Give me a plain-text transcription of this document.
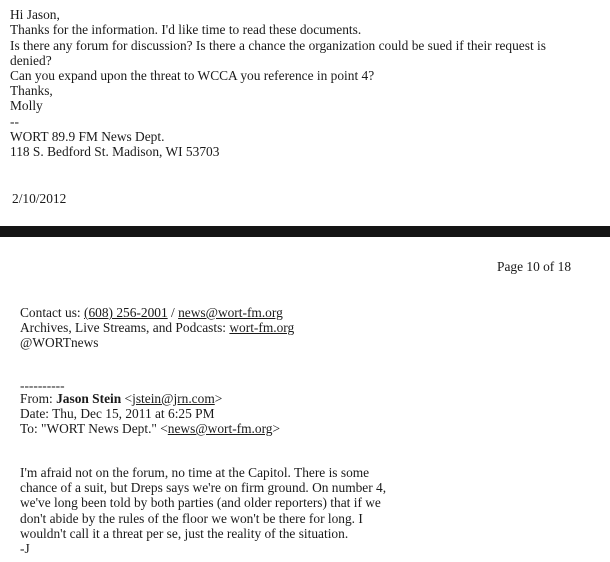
Hi Jason,
Thanks for the information. I'd like time to read these documents.
Is there any forum for discussion? Is there a chance the organization could be sued if their request is
denied?
Can you expand upon the threat to WCCA you reference in point 4?
Thanks,
Molly
--
WORT 89.9 FM News Dept.
118 S. Bedford St. Madison, WI 53703
2/10/2012
Page 10 of 18
Contact us: (608) 256-2001 / news@wort-fm.org
Archives, Live Streams, and Podcasts: wort-fm.org
@WORTnews
----------
From: Jason Stein <jstein@jrn.com>
Date: Thu, Dec 15, 2011 at 6:25 PM
To: "WORT News Dept." <news@wort-fm.org>
I'm afraid not on the forum, no time at the Capitol. There is some
chance of a suit, but Dreps says we're on firm ground. On number 4,
we've long been told by both parties (and older reporters) that if we
don't abide by the rules of the floor we won't be there for long. I
wouldn't call it a threat per se, just the reality of the situation.
-J
